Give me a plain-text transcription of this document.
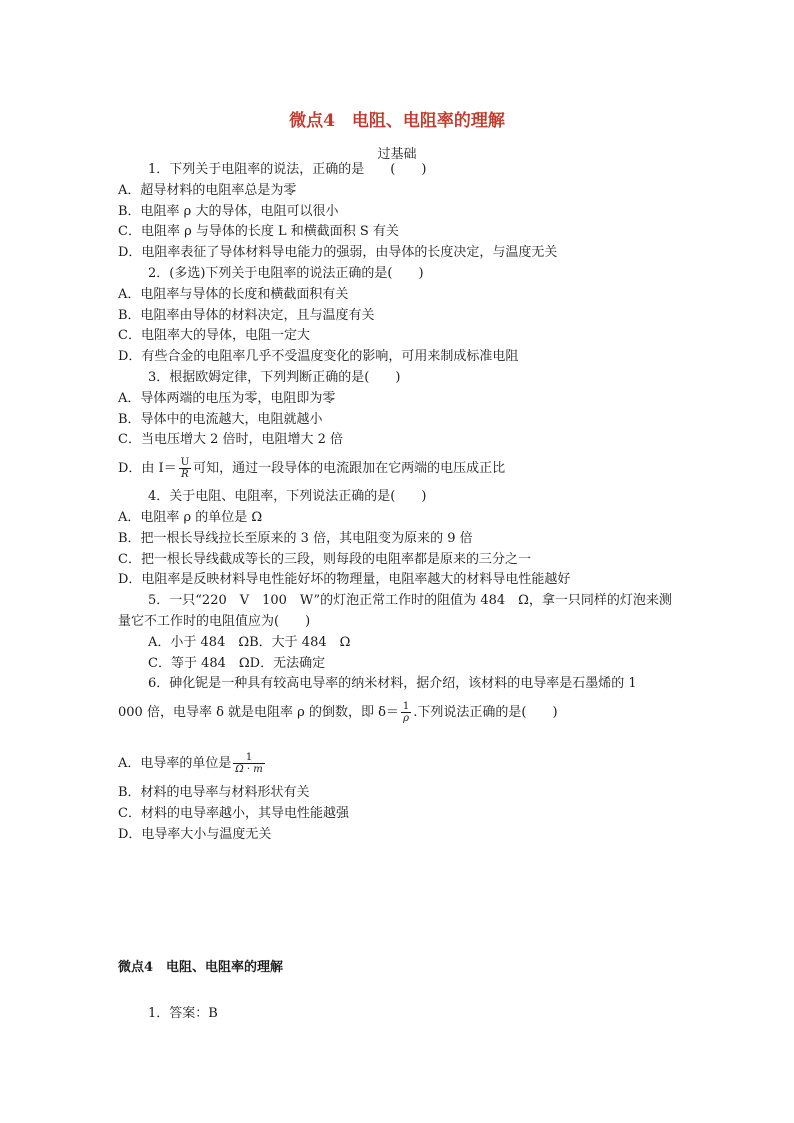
微点4　电阻、电阻率的理解
过基础
1．下列关于电阻率的说法，正确的是　　(　　)
A．超导材料的电阻率总是为零
B．电阻率 ρ 大的导体，电阻可以很小
C．电阻率 ρ 与导体的长度 L 和横截面积 S 有关
D．电阻率表征了导体材料导电能力的强弱，由导体的长度决定，与温度无关
2．(多选)下列关于电阻率的说法正确的是(　　)
A．电阻率与导体的长度和横截面积有关
B．电阻率由导体的材料决定，且与温度有关
C．电阻率大的导体，电阻一定大
D．有些合金的电阻率几乎不受温度变化的影响，可用来制成标准电阻
3．根据欧姆定律，下列判断正确的是(　　)
A．导体两端的电压为零，电阻即为零
B．导体中的电流越大，电阻就越小
C．当电压增大 2 倍时，电阻增大 2 倍
D．由 $I= \frac{U}{R}$ 可知，通过一段导体的电流跟加在它两端的电压成正比
4．关于电阻、电阻率，下列说法正确的是(　　)
A．电阻率 ρ 的单位是 Ω
B．把一根长导线拉长至原来的 3 倍，其电阻变为原来的 9 倍
C．把一根长导线截成等长的三段，则每段的电阻率都是原来的三分之一
D．电阻率是反映材料导电性能好坏的物理量，电阻率越大的材料导电性能越好
5．一只“220　V　100　W”的灯泡正常工作时的阻值为 484　Ω，拿一只同样的灯泡来测
量它不工作时的电阻值应为(　　)
A．小于 484　ΩB．大于 484　Ω
C．等于 484　ΩD．无法确定
6．砷化铌是一种具有较高电导率的纳米材料，据介绍，该材料的电导率是石墨烯的 1
000 倍，电导率 δ 就是电阻率 ρ 的倒数，即 $\delta= \frac{1}{\rho}$ .下列说法正确的是(　　)
A．电导率的单位是 $\frac{1}{\Omega \cdot m}$
B．材料的电导率与材料形状有关
C．材料的电导率越小，其导电性能越强
D．电导率大小与温度无关
微点4　电阻、电阻率的理解
1．答案：B
